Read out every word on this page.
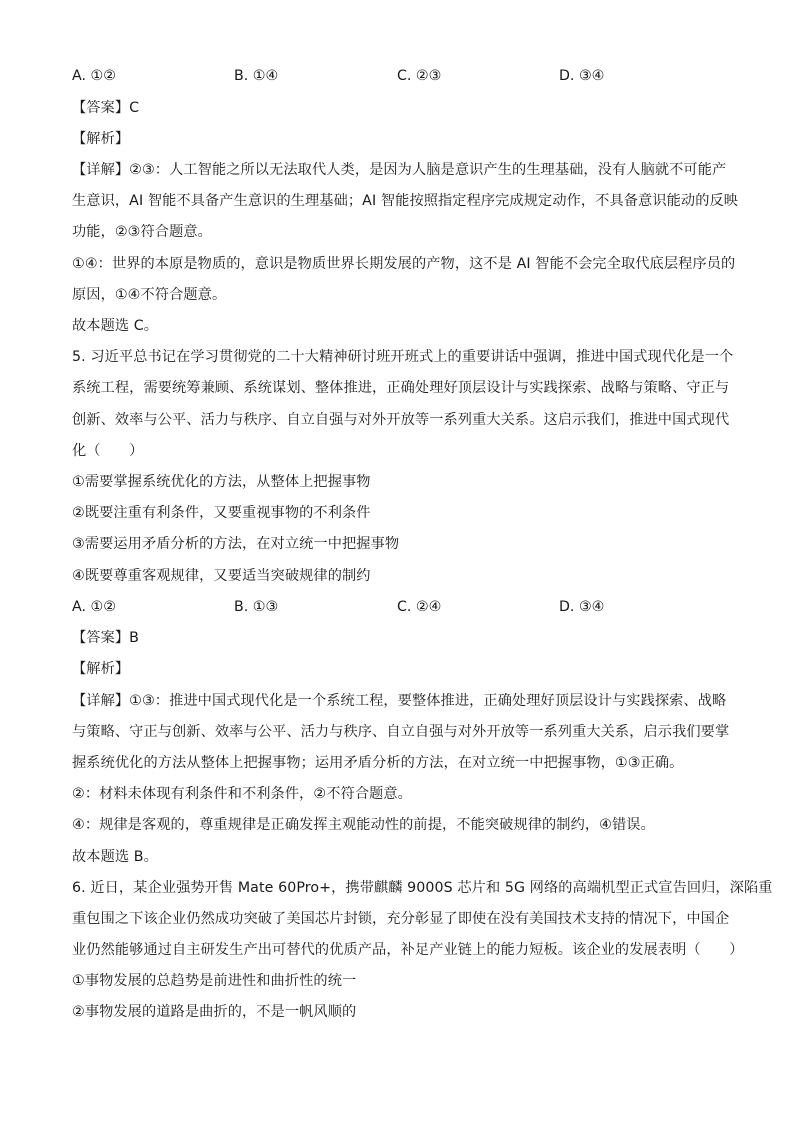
A. ①②	B. ①④	C. ②③	D. ③④
【答案】C
【解析】
【详解】②③：人工智能之所以无法取代人类，是因为人脑是意识产生的生理基础，没有人脑就不可能产
生意识，AI 智能不具备产生意识的生理基础；AI 智能按照指定程序完成规定动作，不具备意识能动的反映
功能，②③符合题意。
①④：世界的本原是物质的，意识是物质世界长期发展的产物，这不是 AI 智能不会完全取代底层程序员的
原因，①④不符合题意。
故本题选 C。
5. 习近平总书记在学习贯彻党的二十大精神研讨班开班式上的重要讲话中强调，推进中国式现代化是一个
系统工程，需要统筹兼顾、系统谋划、整体推进，正确处理好顶层设计与实践探索、战略与策略、守正与
创新、效率与公平、活力与秩序、自立自强与对外开放等一系列重大关系。这启示我们，推进中国式现代
化（　　）
①需要掌握系统优化的方法，从整体上把握事物
②既要注重有利条件，又要重视事物的不利条件
③需要运用矛盾分析的方法，在对立统一中把握事物
④既要尊重客观规律，又要适当突破规律的制约
A. ①②	B. ①③	C. ②④	D. ③④
【答案】B
【解析】
【详解】①③：推进中国式现代化是一个系统工程，要整体推进，正确处理好顶层设计与实践探索、战略
与策略、守正与创新、效率与公平、活力与秩序、自立自强与对外开放等一系列重大关系，启示我们要掌
握系统优化的方法从整体上把握事物；运用矛盾分析的方法，在对立统一中把握事物，①③正确。
②：材料未体现有利条件和不利条件，②不符合题意。
④：规律是客观的，尊重规律是正确发挥主观能动性的前提，不能突破规律的制约，④错误。
故本题选 B。
6. 近日，某企业强势开售 Mate 60Pro+，携带麒麟 9000S 芯片和 5G 网络的高端机型正式宣告回归，深陷重
重包围之下该企业仍然成功突破了美国芯片封锁，充分彰显了即使在没有美国技术支持的情况下，中国企
业仍然能够通过自主研发生产出可替代的优质产品，补足产业链上的能力短板。该企业的发展表明（　　）
①事物发展的总趋势是前进性和曲折性的统一
②事物发展的道路是曲折的，不是一帆风顺的
